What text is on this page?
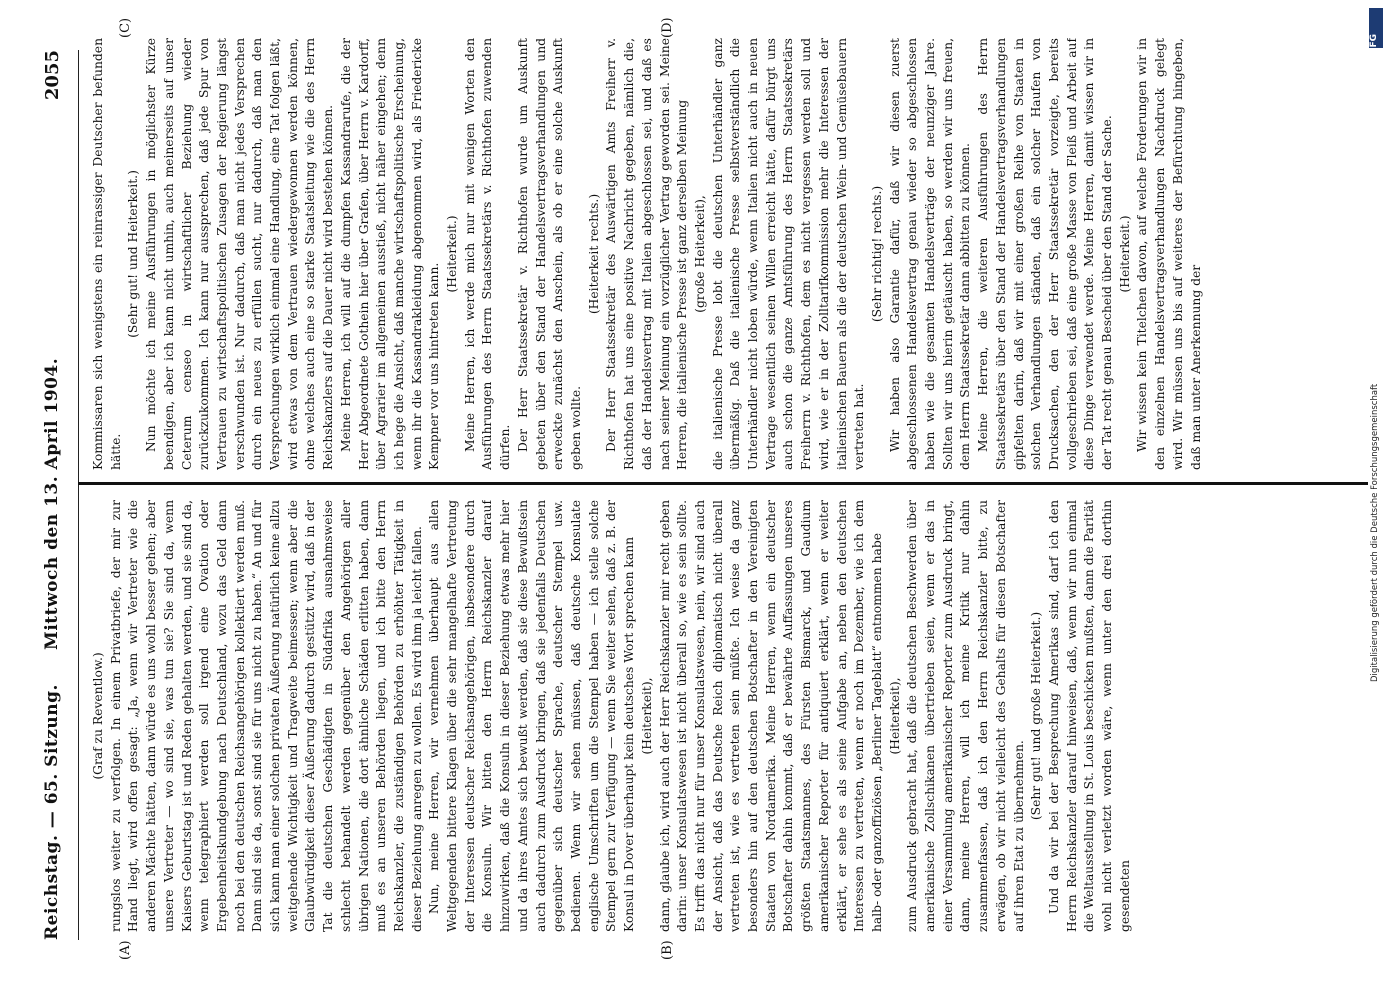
Reichstag. — 65. Sitzung.
Mittwoch den 13. April 1904.
2055
(A)	(B)
(C)	(D)

(Graf zu Reventlow.) rungslos weiter zu verfolgen. In einem Privatbriefe, der mir zur Hand liegt, wird offen gesagt: „Ja, wenn wir Vertreter wie die anderen Mächte hätten, dann würde es uns wohl besser gehen; aber unsere Vertreter — wo sind sie, was tun sie? Sie sind da, wenn Kaisers Geburtstag ist und Reden gehalten werden, und sie sind da, wenn telegraphiert werden soll irgend eine Ovation oder Ergebenheitskundgebung nach Deutschland, wozu das Geld dann noch bei den deutschen Reichsangehörigen kollektiert werden muß. Dann sind sie da, sonst sind sie für uns nicht zu haben.“ An und für sich kann man einer solchen privaten Äußerung natürlich keine allzu weitgehende Wichtigkeit und Tragweite beimessen; wenn aber die Glaubwürdigkeit dieser Äußerung dadurch gestützt wird, daß in der Tat die deutschen Geschädigten in Südafrika ausnahmsweise schlecht behandelt werden gegenüber den Angehörigen aller übrigen Nationen, die dort ähnliche Schäden erlitten haben, dann muß es an unseren Behörden liegen, und ich bitte den Herrn Reichskanzler, die zuständigen Behörden zu erhöhter Tätigkeit in dieser Beziehung anregen zu wollen. Es wird ihm ja leicht fallen. Nun, meine Herren, wir vernehmen überhaupt aus allen Weltgegenden bittere Klagen über die sehr mangelhafte Vertretung der Interessen deutscher Reichsangehörigen, insbesondere durch die Konsuln. Wir bitten den Herrn Reichskanzler darauf hinzuwirken, daß die Konsuln in dieser Beziehung etwas mehr hier und da ihres Amtes sich bewußt werden, daß sie diese Bewußtsein auch dadurch zum Ausdruck bringen, daß sie jedenfalls Deutschen gegenüber sich deutscher Sprache, deutscher Stempel usw. bedienen. Wenn wir sehen müssen, daß deutsche Konsulate englische Umschriften um die Stempel haben — ich stelle solche Stempel gern zur Verfügung — wenn Sie weiter sehen, daß z. B. der Konsul in Dover überhaupt kein deutsches Wort sprechen kann (Heiterkeit), dann, glaube ich, wird auch der Herr Reichskanzler mir recht geben darin: unser Konsulatswesen ist nicht überall so, wie es sein sollte. Es trifft das nicht nur für unser Konsulatswesen, nein, wir sind auch der Ansicht, daß das Deutsche Reich diplomatisch nicht überall vertreten ist, wie es vertreten sein müßte. Ich weise da ganz besonders hin auf den deutschen Botschafter in den Vereinigten Staaten von Nordamerika. Meine Herren, wenn ein deutscher Botschafter dahin kommt, daß er bewährte Auffassungen unseres größten Staatsmannes, des Fürsten Bismarck, und Gaudium amerikanischer Reporter für antiquiert erklärt, wenn er weiter erklärt, er sehe es als seine Aufgabe an, neben den deutschen Interessen zu vertreten, wenn er noch im Dezember, wie ich dem halb- oder ganzoffiziösen „Berliner Tageblatt“ entnommen habe (Heiterkeit), zum Ausdruck gebracht hat, daß die deutschen Beschwerden über amerikanische Zollschikanen übertrieben seien, wenn er das in einer Versammlung amerikanischer Reporter zum Ausdruck bringt, dann, meine Herren, will ich meine Kritik nur dahin zusammenfassen, daß ich den Herrn Reichskanzler bitte, zu erwägen, ob wir nicht vielleicht des Gehalts für diesen Botschafter auf ihren Etat zu übernehmen.

(Sehr gut! und große Heiterkeit.) Und da wir bei der Besprechung Amerikas sind, darf ich den Herrn Reichskanzler darauf hinweisen, daß, wenn wir nun einmal die Weltausstellung in St. Louis beschicken mußten, dann die Parität wohl nicht verletzt worden wäre, wenn unter den drei dorthin gesendeten

Kommissaren sich wenigstens ein reinrassiger Deutscher befunden hätte.

(Sehr gut! und Heiterkeit.) Nun möchte ich meine Ausführungen in möglichster Kürze beendigen, aber ich kann nicht umhin, auch meinerseits auf unser Ceterum censeo in wirtschaftlicher Beziehung wieder zurückzukommen. Ich kann nur aussprechen, daß jede Spur von Vertrauen zu wirtschaftspolitischen Zusagen der Regierung längst verschwunden ist. Nur dadurch, daß man nicht jedes Versprechen durch ein neues zu erfüllen sucht, nur dadurch, daß man den Versprechungen wirklich einmal eine Handlung, eine Tat folgen läßt, wird etwas von dem Vertrauen wiedergewonnen werden können, ohne welches auch eine so starke Staatsleitung wie die des Herrn Reichskanzlers auf die Dauer nicht wird bestehen können. Meine Herren, ich will auf die dumpfen Kassandrarufe, die der Herr Abgeordnete Gothein hier über Grafen, über Herrn v. Kardorff, über Agrarier im allgemeinen ausstieß, nicht näher eingehen; denn ich hege die Ansicht, daß manche wirtschaftspolitische Erscheinung, wenn ihr die Kassandrakleidung abgenommen wird, als Friedericke Kempner vor uns hintreten kann.

(Heiterkeit.) Meine Herren, ich werde mich nur mit wenigen Worten den Ausführungen des Herrn Staatssekretärs v. Richthofen zuwenden dürfen. Der Herr Staatssekretär v. Richthofen wurde um Auskunft gebeten über den Stand der Handelsvertragsverhandlungen und erweckte zunächst den Anschein, als ob er eine solche Auskunft geben wollte.

(Heiterkeit rechts.) Der Herr Staatssekretär des Auswärtigen Amts Freiherr v. Richthofen hat uns eine positive Nachricht gegeben, nämlich die, daß der Handelsvertrag mit Italien abgeschlossen sei, und daß es nach seiner Meinung ein vorzüglicher Vertrag geworden sei. Meine Herren, die italienische Presse ist ganz derselben Meinung (große Heiterkeit), die italienische Presse lobt die deutschen Unterhändler ganz übermäßig. Daß die italienische Presse selbstverständlich die Unterhändler nicht loben würde, wenn Italien nicht auch in neuen Vertrage wesentlich seinen Willen erreicht hätte, dafür bürgt uns auch schon die ganze Amtsführung des Herrn Staatssekretärs Freiherrn v. Richthofen, dem es nicht vergessen werden soll und wird, wie er in der Zolltarifkommission mehr die Interessen der italienischen Bauern als die der deutschen Wein- und Gemüsebauern vertreten hat.

(Sehr richtig! rechts.) Wir haben also Garantie dafür, daß wir diesen zuerst abgeschlossenen Handelsvertrag genau wieder so abgeschlossen haben wie die gesamten Handelsverträge der neunziger Jahre. Sollten wir uns hierin getäuscht haben, so werden wir uns freuen, dem Herrn Staatssekretär dann abbitten zu können. Meine Herren, die weiteren Ausführungen des Herrn Staatssekretärs über den Stand der Handelsvertragsverhandlungen gipfelten darin, daß wir mit einer großen Reihe von Staaten in solchen Verhandlungen ständen, daß ein solcher Haufen von Drucksachen, den der Herr Staatssekretär vorzeigte, bereits vollgeschrieben sei, daß eine große Masse von Fleiß und Arbeit auf diese Dinge verwendet werde. Meine Herren, damit wissen wir in der Tat recht genau Bescheid über den Stand der Sache. (Heiterkeit.) Wir wissen kein Titelchen davon, auf welche Forderungen wir in den einzelnen Handelsvertragsverhandlungen Nachdruck gelegt wird. Wir müssen uns bis auf weiteres der Befürchtung hingeben, daß man unter Anerkennung der

DFG
Digitalisierung gefördert durch die Deutsche Forschungsgemeinschaft
